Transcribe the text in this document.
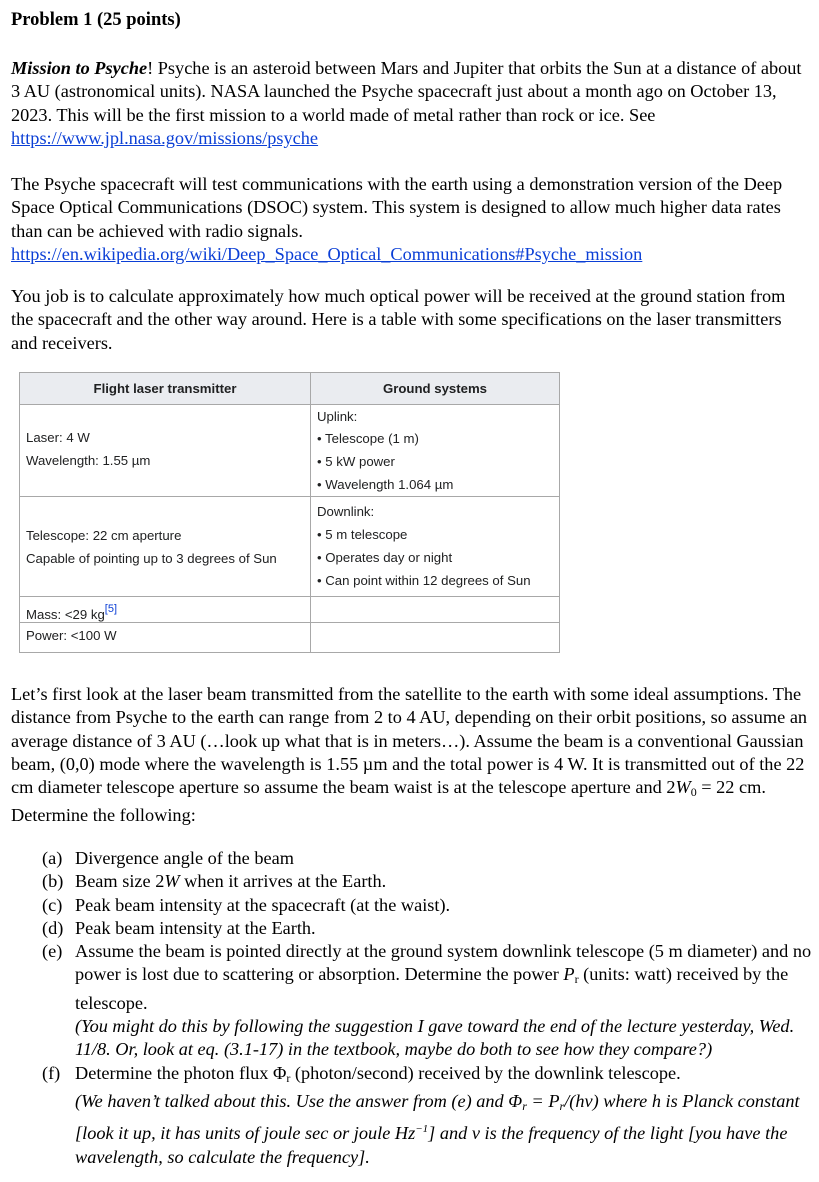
Problem 1 (25 points)

Mission to Psyche! Psyche is an asteroid between Mars and Jupiter that orbits the Sun at a distance of about 3 AU (astronomical units). NASA launched the Psyche spacecraft just about a month ago on October 13, 2023. This will be the first mission to a world made of metal rather than rock or ice. See https://www.jpl.nasa.gov/missions/psyche

The Psyche spacecraft will test communications with the earth using a demonstration version of the Deep Space Optical Communications (DSOC) system. This system is designed to allow much higher data rates than can be achieved with radio signals.
https://en.wikipedia.org/wiki/Deep_Space_Optical_Communications#Psyche_mission

You job is to calculate approximately how much optical power will be received at the ground station from the spacecraft and the other way around. Here is a table with some specifications on the laser transmitters and receivers.

Flight laser transmitter	Ground systems
Laser: 4 W
Wavelength: 1.55 µm
Uplink:
• Telescope (1 m)
• 5 kW power
• Wavelength 1.064 µm
Telescope: 22 cm aperture
Capable of pointing up to 3 degrees of Sun
Downlink:
• 5 m telescope
• Operates day or night
• Can point within 12 degrees of Sun
Mass: <29 kg[5]
Power: <100 W

Let’s first look at the laser beam transmitted from the satellite to the earth with some ideal assumptions. The distance from Psyche to the earth can range from 2 to 4 AU, depending on their orbit positions, so assume an average distance of 3 AU (…look up what that is in meters…). Assume the beam is a conventional Gaussian beam, (0,0) mode where the wavelength is 1.55 µm and the total power is 4 W. It is transmitted out of the 22 cm diameter telescope aperture so assume the beam waist is at the telescope aperture and $2W_0 = 22$ cm.
Determine the following:

(a) Divergence angle of the beam

(b) Beam size 2W when it arrives at the Earth.

(c) Peak beam intensity at the spacecraft (at the waist).

(d) Peak beam intensity at the Earth.

(e) Assume the beam is pointed directly at the ground system downlink telescope (5 m diameter) and no power is lost due to scattering or absorption. Determine the power $P_r$ (units: watt) received by the telescope.
(You might do this by following the suggestion I gave toward the end of the lecture yesterday, Wed. 11/8. Or, look at eq. (3.1-17) in the textbook, maybe do both to see how they compare?)

(f) Determine the photon flux $\Phi_r$ (photon/second) received by the downlink telescope.
(We haven’t talked about this. Use the answer from (e) and $\Phi_r = P_r/(h\nu)$ where h is Planck constant [look it up, it has units of joule sec or joule $Hz^{-1}$] and ν is the frequency of the light [you have the wavelength, so calculate the frequency].
